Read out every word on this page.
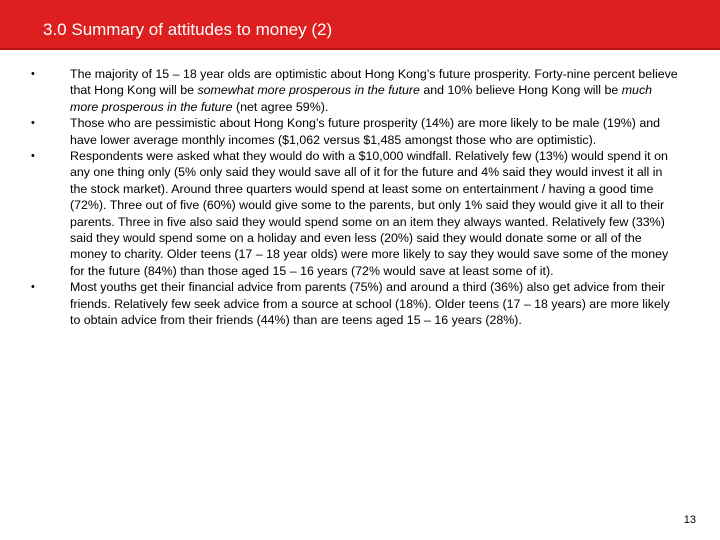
3.0 Summary of attitudes to money (2)
•	The majority of 15 – 18 year olds are optimistic about Hong Kong’s future prosperity. Forty-nine percent believe that Hong Kong will be somewhat more prosperous in the future and 10% believe Hong Kong will be much more prosperous in the future (net agree 59%).
•	Those who are pessimistic about Hong Kong’s future prosperity (14%) are more likely to be male (19%) and have lower average monthly incomes ($1,062 versus $1,485 amongst those who are optimistic).
•	Respondents were asked what they would do with a $10,000 windfall. Relatively few (13%) would spend it on any one thing only (5% only said they would save all of it for the future and 4% said they would invest it all in the stock market). Around three quarters would spend at least some on entertainment / having a good time (72%). Three out of five (60%) would give some to the parents, but only 1% said they would give it all to their parents. Three in five also said they would spend some on an item they always wanted. Relatively few (33%) said they would spend some on a holiday and even less (20%) said they would donate some or all of the money to charity. Older teens (17 – 18 year olds) were more likely to say they would save some of the money for the future (84%) than those aged 15 – 16 years (72% would save at least some of it).
•	Most youths get their financial advice from parents (75%) and around a third (36%) also get advice from their friends. Relatively few seek advice from a source at school (18%). Older teens (17 – 18 years) are more likely to obtain advice from their friends (44%) than are teens aged 15 – 16 years (28%).
13
